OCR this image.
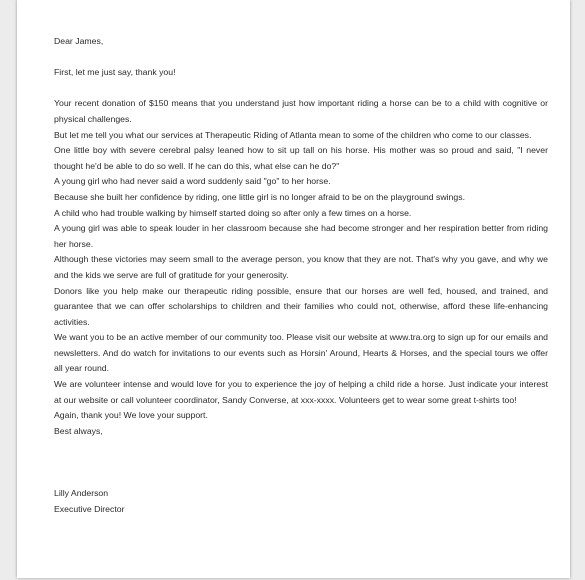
Dear James,

First, let me just say, thank you!

Your recent donation of $150 means that you understand just how important riding a horse can be to a child with cognitive or physical challenges.

But let me tell you what our services at Therapeutic Riding of Atlanta mean to some of the children who come to our classes.

One little boy with severe cerebral palsy leaned how to sit up tall on his horse. His mother was so proud and said, "I never thought he'd be able to do so well. If he can do this, what else can he do?"

A young girl who had never said a word suddenly said "go" to her horse.

Because she built her confidence by riding, one little girl is no longer afraid to be on the playground swings.

A child who had trouble walking by himself started doing so after only a few times on a horse.

A young girl was able to speak louder in her classroom because she had become stronger and her respiration better from riding her horse.

Although these victories may seem small to the average person, you know that they are not. That's why you gave, and why we and the kids we serve are full of gratitude for your generosity.

Donors like you help make our therapeutic riding possible, ensure that our horses are well fed, housed, and trained, and guarantee that we can offer scholarships to children and their families who could not, otherwise, afford these life-enhancing activities.

We want you to be an active member of our community too. Please visit our website at www.tra.org to sign up for our emails and newsletters. And do watch for invitations to our events such as Horsin' Around, Hearts & Horses, and the special tours we offer all year round.

We are volunteer intense and would love for you to experience the joy of helping a child ride a horse. Just indicate your interest at our website or call volunteer coordinator, Sandy Converse, at xxx-xxxx. Volunteers get to wear some great t-shirts too!

Again, thank you! We love your support.

Best always,

Lilly Anderson

Executive Director
